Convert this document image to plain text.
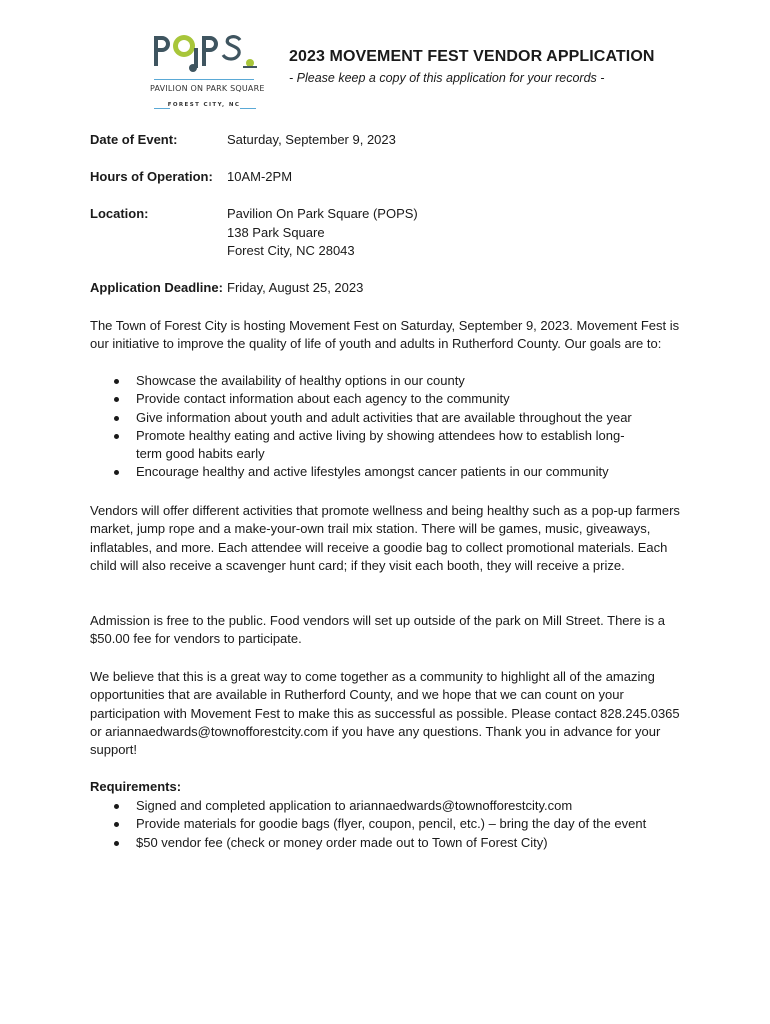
PAVILION ON PARK SQUARE
FOREST CITY, NC
2023 MOVEMENT FEST VENDOR APPLICATION
- Please keep a copy of this application for your records -
Date of Event:	Saturday, September 9, 2023
Hours of Operation: 10AM-2PM
Location:	Pavilion On Park Square (POPS)
138 Park Square
Forest City, NC 28043
Application Deadline: Friday, August 25, 2023

The Town of Forest City is hosting Movement Fest on Saturday, September 9, 2023. Movement Fest is our initiative to improve the quality of life of youth and adults in Rutherford County. Our goals are to:

Showcase the availability of healthy options in our county
Provide contact information about each agency to the community
Give information about youth and adult activities that are available throughout the year
Promote healthy eating and active living by showing attendees how to establish long-term good habits early
Encourage healthy and active lifestyles amongst cancer patients in our community

Vendors will offer different activities that promote wellness and being healthy such as a pop-up farmers market, jump rope and a make-your-own trail mix station. There will be games, music, giveaways, inflatables, and more. Each attendee will receive a goodie bag to collect promotional materials. Each child will also receive a scavenger hunt card; if they visit each booth, they will receive a prize.

Admission is free to the public. Food vendors will set up outside of the park on Mill Street. There is a $50.00 fee for vendors to participate.

We believe that this is a great way to come together as a community to highlight all of the amazing opportunities that are available in Rutherford County, and we hope that we can count on your participation with Movement Fest to make this as successful as possible. Please contact 828.245.0365 or ariannaedwards@townofforestcity.com if you have any questions. Thank you in advance for your support!

Requirements:
Signed and completed application to ariannaedwards@townofforestcity.com
Provide materials for goodie bags (flyer, coupon, pencil, etc.) – bring the day of the event
$50 vendor fee (check or money order made out to Town of Forest City)
